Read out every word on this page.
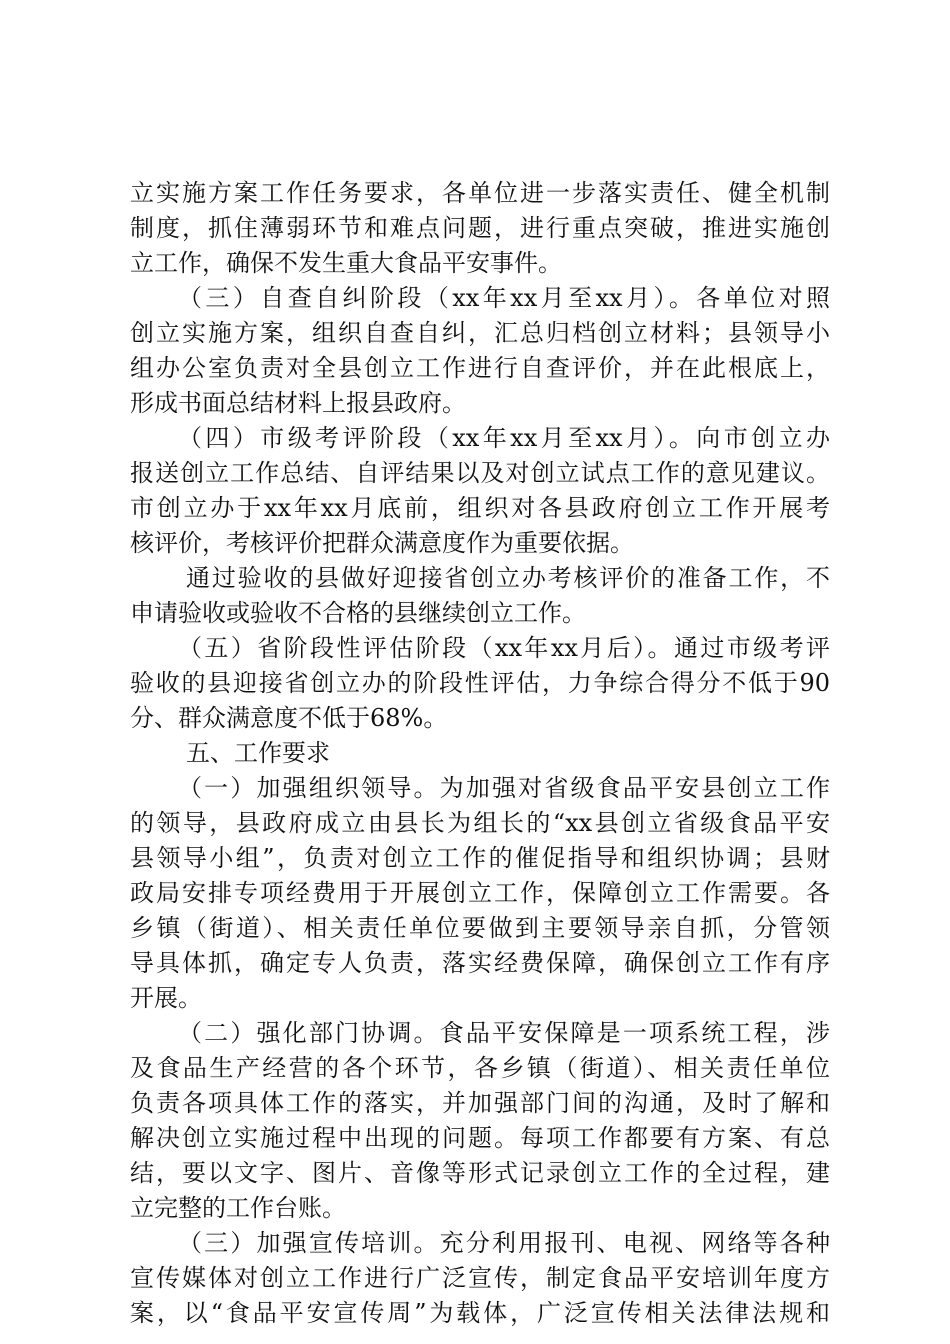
立实施方案工作任务要求，各单位进一步落实责任、健全机制
制度，抓住薄弱环节和难点问题，进行重点突破，推进实施创
立工作，确保不发生重大食品平安事件。
（三）自查自纠阶段（xx年xx月至xx月）。各单位对照
创立实施方案，组织自查自纠，汇总归档创立材料；县领导小
组办公室负责对全县创立工作进行自查评价，并在此根底上，
形成书面总结材料上报县政府。
（四）市级考评阶段（xx年xx月至xx月）。向市创立办
报送创立工作总结、自评结果以及对创立试点工作的意见建议。
市创立办于xx年xx月底前，组织对各县政府创立工作开展考
核评价，考核评价把群众满意度作为重要依据。
通过验收的县做好迎接省创立办考核评价的准备工作，不
申请验收或验收不合格的县继续创立工作。
（五）省阶段性评估阶段（xx年xx月后）。通过市级考评
验收的县迎接省创立办的阶段性评估，力争综合得分不低于90
分、群众满意度不低于68%。
五、工作要求
（一）加强组织领导。为加强对省级食品平安县创立工作
的领导，县政府成立由县长为组长的“xx县创立省级食品平安
县领导小组”，负责对创立工作的催促指导和组织协调；县财
政局安排专项经费用于开展创立工作，保障创立工作需要。各
乡镇（街道）、相关责任单位要做到主要领导亲自抓，分管领
导具体抓，确定专人负责，落实经费保障，确保创立工作有序
开展。
（二）强化部门协调。食品平安保障是一项系统工程，涉
及食品生产经营的各个环节，各乡镇（街道）、相关责任单位
负责各项具体工作的落实，并加强部门间的沟通，及时了解和
解决创立实施过程中出现的问题。每项工作都要有方案、有总
结，要以文字、图片、音像等形式记录创立工作的全过程，建
立完整的工作台账。
（三）加强宣传培训。充分利用报刊、电视、网络等各种
宣传媒体对创立工作进行广泛宣传，制定食品平安培训年度方
案，以“食品平安宣传周”为载体，广泛宣传相关法律法规和
